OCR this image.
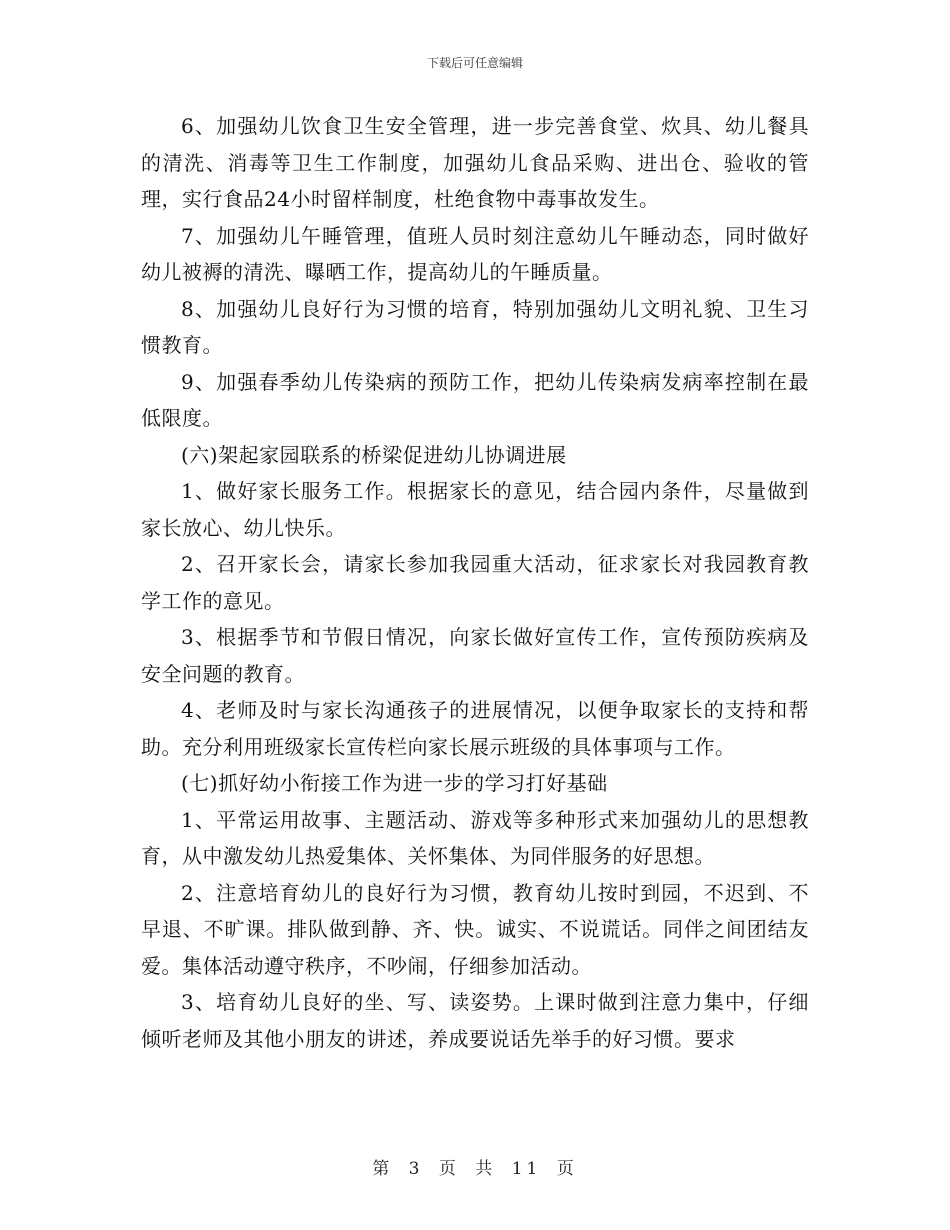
下载后可任意编辑

6、加强幼儿饮食卫生安全管理，进一步完善食堂、炊具、幼儿餐具的清洗、消毒等卫生工作制度，加强幼儿食品采购、进出仓、验收的管理，实行食品24小时留样制度，杜绝食物中毒事故发生。

7、加强幼儿午睡管理，值班人员时刻注意幼儿午睡动态，同时做好幼儿被褥的清洗、曝晒工作，提高幼儿的午睡质量。

8、加强幼儿良好行为习惯的培育，特别加强幼儿文明礼貌、卫生习惯教育。

9、加强春季幼儿传染病的预防工作，把幼儿传染病发病率控制在最低限度。

(六)架起家园联系的桥梁促进幼儿协调进展

1、做好家长服务工作。根据家长的意见，结合园内条件，尽量做到家长放心、幼儿快乐。

2、召开家长会，请家长参加我园重大活动，征求家长对我园教育教学工作的意见。

3、根据季节和节假日情况，向家长做好宣传工作，宣传预防疾病及安全问题的教育。

4、老师及时与家长沟通孩子的进展情况，以便争取家长的支持和帮助。充分利用班级家长宣传栏向家长展示班级的具体事项与工作。

(七)抓好幼小衔接工作为进一步的学习打好基础

1、平常运用故事、主题活动、游戏等多种形式来加强幼儿的思想教育，从中激发幼儿热爱集体、关怀集体、为同伴服务的好思想。

2、注意培育幼儿的良好行为习惯，教育幼儿按时到园，不迟到、不早退、不旷课。排队做到静、齐、快。诚实、不说谎话。同伴之间团结友爱。集体活动遵守秩序，不吵闹，仔细参加活动。

3、培育幼儿良好的坐、写、读姿势。上课时做到注意力集中，仔细倾听老师及其他小朋友的讲述，养成要说话先举手的好习惯。要求

第 3 页 共 11 页
